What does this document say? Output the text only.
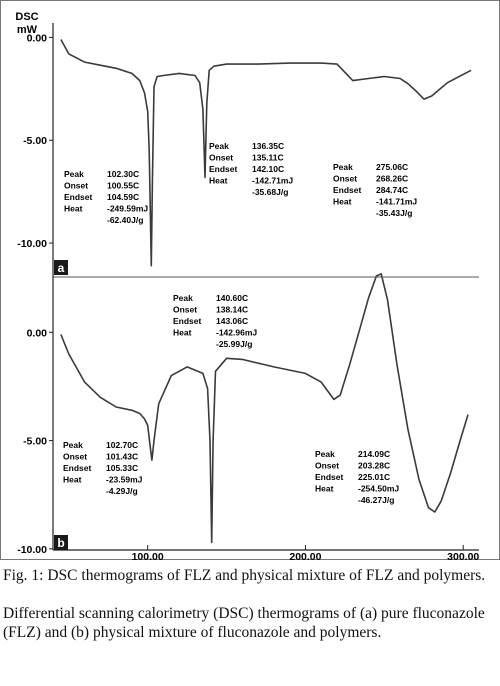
DSC
mW
0.00
-5.00
-10.00
a
Peak	102.30C
Onset 100.55C
Endset 104.59C
Heat	-249.59mJ
-62.40J/g
Peak	136.35C
Onset 135.11C
Endset 142.10C
Heat	-142.71mJ
-35.68J/g
Peak	275.06C
Onset 268.26C
Endset 284.74C
Heat	-141.71mJ
-35.43J/g
0.00
-5.00
-10.00 b
Peak	102.70C
Onset 101.43C
Endset 105.33C
Heat	-23.59mJ
-4.29J/g
Peak	140.60C
Onset 138.14C
Endset 143.06C
Heat	-142.96mJ
-25.99J/g
Peak	214.09C
Onset 203.28C
Endset 225.01C
Heat	-254.50mJ
-46.27J/g
100.00	200.00	300.00
Fig. 1: DSC thermograms of FLZ and physical mixture of FLZ and polymers.
Differential scanning calorimetry (DSC) thermograms of (a) pure fluconazole (FLZ) and (b) physical mixture of fluconazole and polymers.
